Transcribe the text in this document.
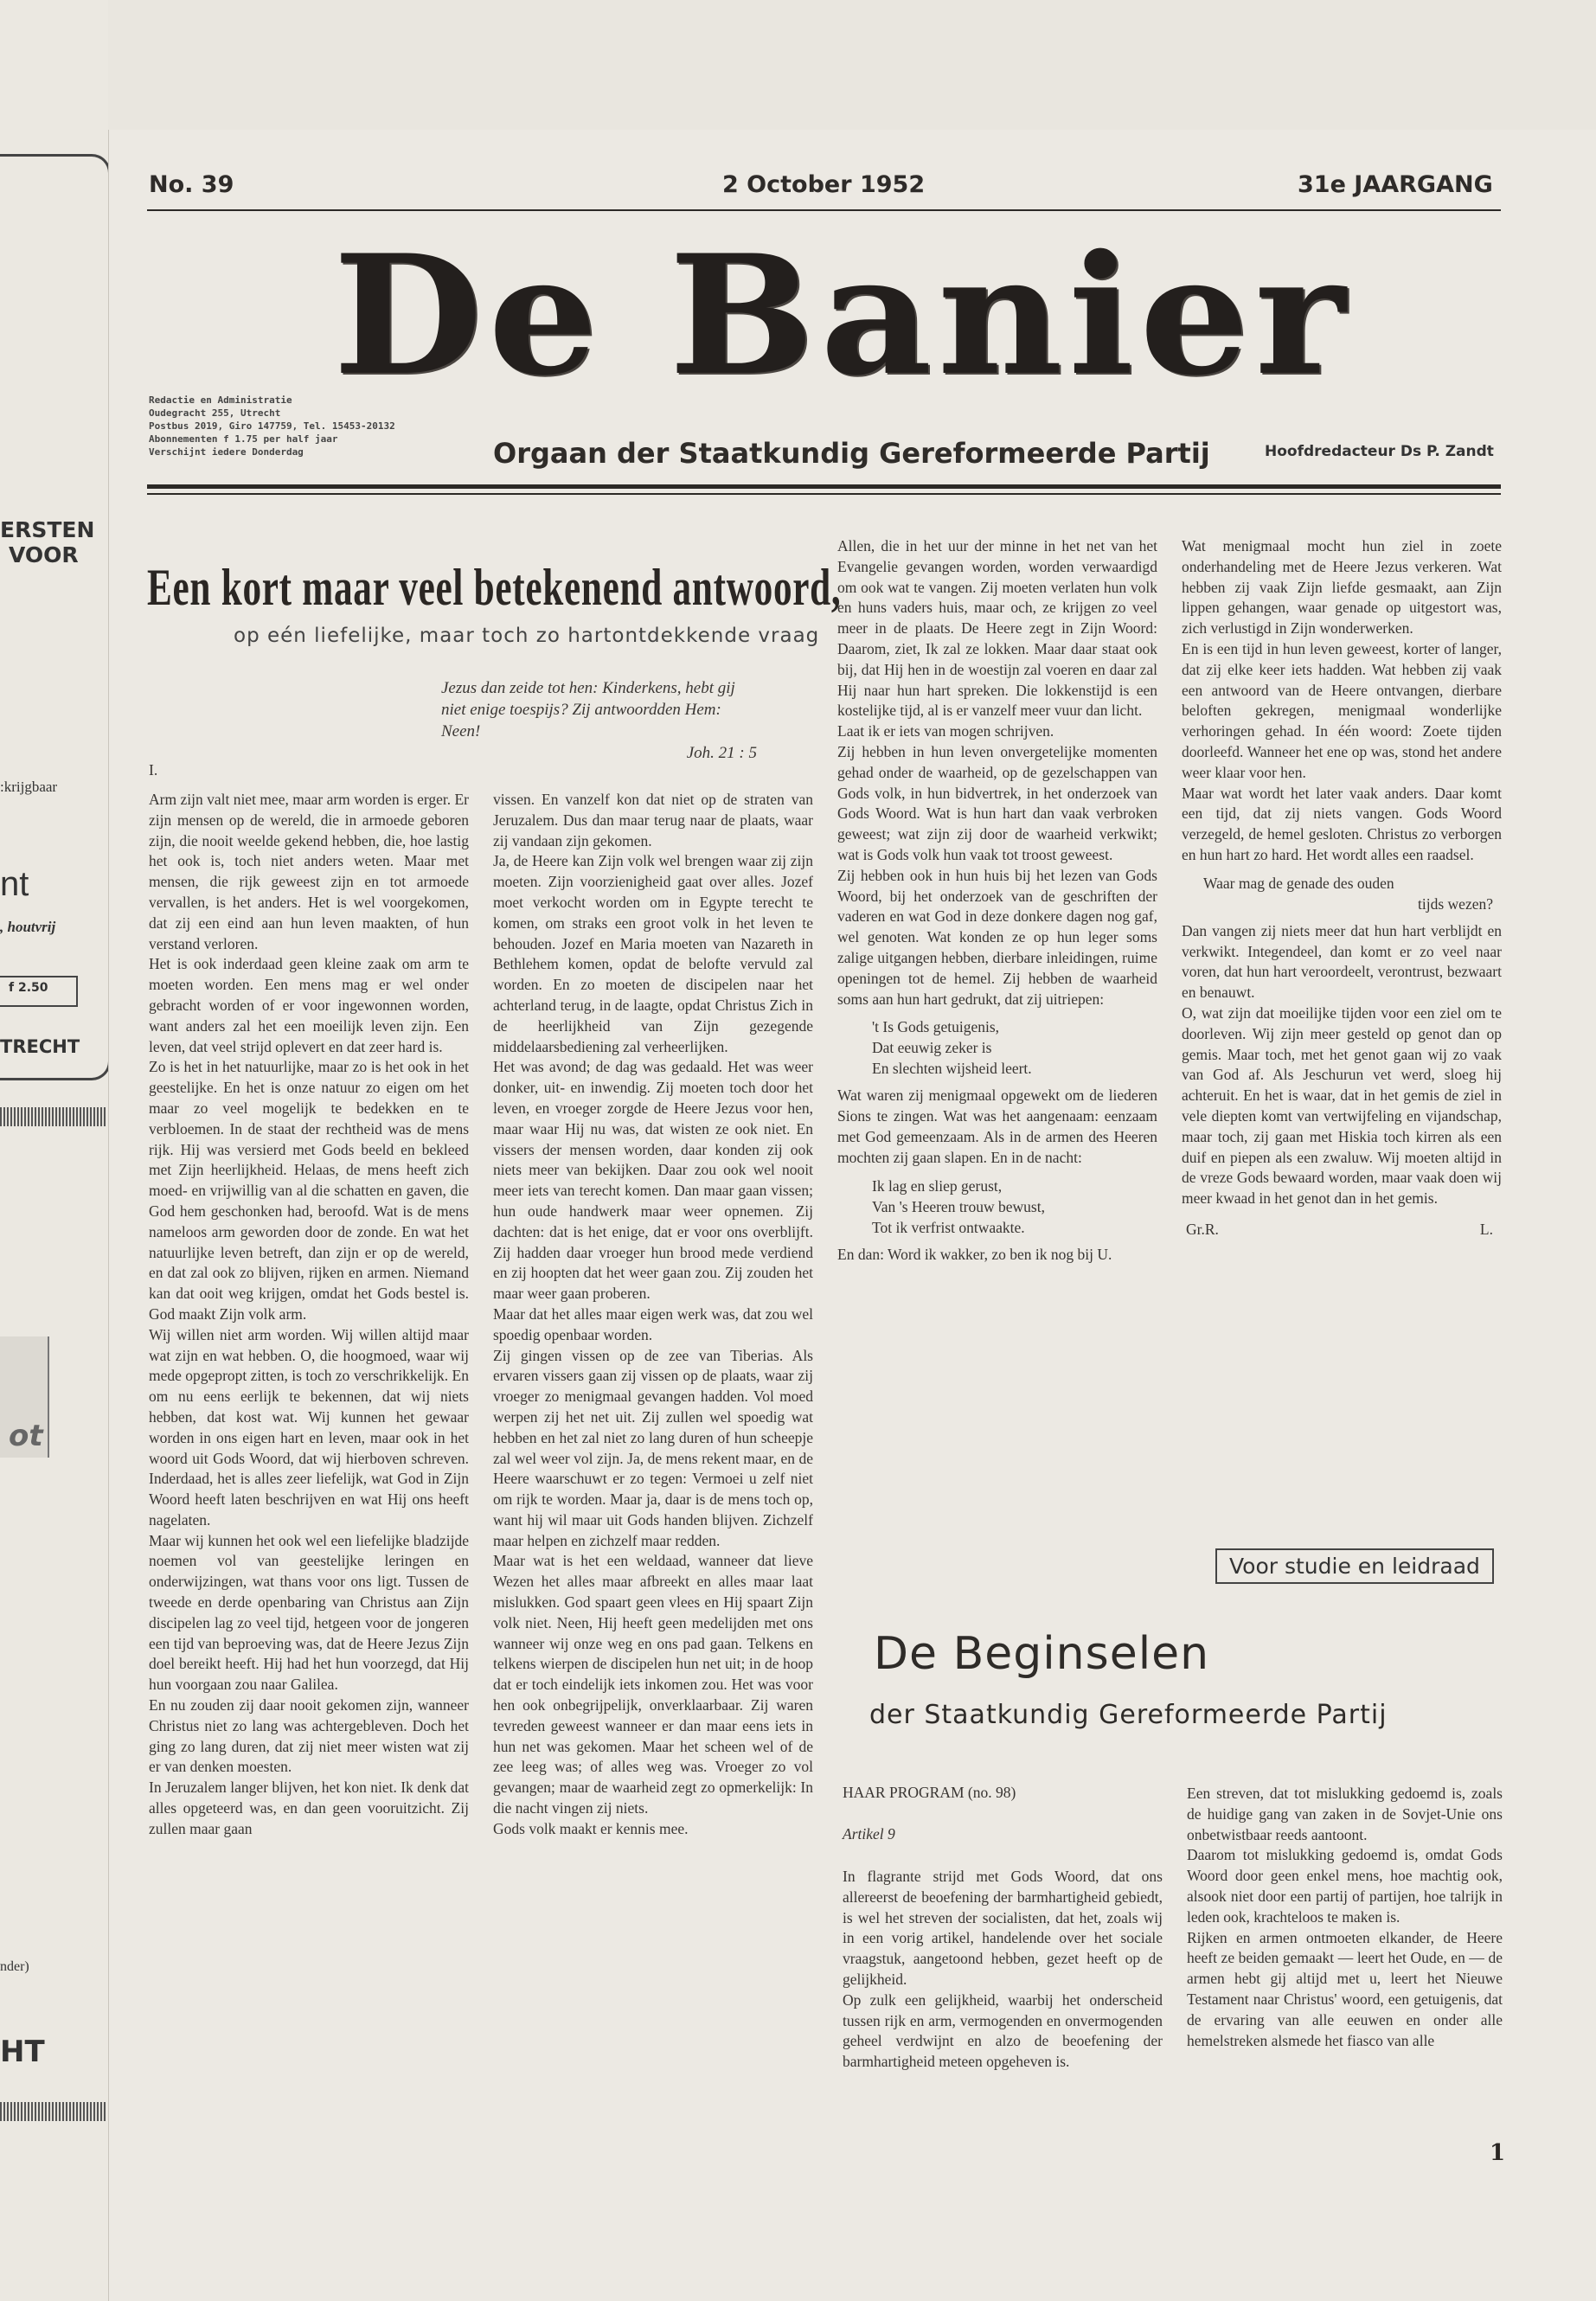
ERSTEN
VOOR
:krijgbaar
nt
, houtvrij
f 2.50
TRECHT
ot
nder)
HT
No. 39	2 October 1952	31e JAARGANG
De Banier
Redactie en Administratie
Oudegracht 255, Utrecht
Postbus 2019, Giro 147759, Tel. 15453-20132
Abonnementen f 1.75 per half jaar
Verschijnt iedere Donderdag	Orgaan der Staatkundig Gereformeerde Partij	Hoofdredacteur Ds P. Zandt
Een kort maar veel betekenend antwoord,
op eén liefelijke, maar toch zo hartontdekkende vraag
Jezus dan zeide tot hen: Kinderkens, hebt gij niet enige toespijs? Zij antwoordden Hem: Neen!
Joh. 21 : 5
I.

Arm zijn valt niet mee, maar arm worden is erger. Er zijn mensen op de wereld, die in armoede geboren zijn, die nooit weelde gekend hebben, die, hoe lastig het ook is, toch niet anders weten. Maar met mensen, die rijk geweest zijn en tot armoede vervallen, is het anders. Het is wel voorgekomen, dat zij een eind aan hun leven maakten, of hun verstand verloren.

Het is ook inderdaad geen kleine zaak om arm te moeten worden. Een mens mag er wel onder gebracht worden of er voor ingewonnen worden, want anders zal het een moeilijk leven zijn. Een leven, dat veel strijd oplevert en dat zeer hard is.

Zo is het in het natuurlijke, maar zo is het ook in het geestelijke. En het is onze natuur zo eigen om het maar zo veel mogelijk te bedekken en te verbloemen. In de staat der rechtheid was de mens rijk. Hij was versierd met Gods beeld en bekleed met Zijn heerlijkheid. Helaas, de mens heeft zich moed- en vrijwillig van al die schatten en gaven, die God hem geschonken had, beroofd. Wat is de mens nameloos arm geworden door de zonde. En wat het natuurlijke leven betreft, dan zijn er op de wereld, en dat zal ook zo blijven, rijken en armen. Niemand kan dat ooit weg krijgen, omdat het Gods bestel is. God maakt Zijn volk arm.

Wij willen niet arm worden. Wij willen altijd maar wat zijn en wat hebben. O, die hoogmoed, waar wij mede opgepropt zitten, is toch zo verschrikkelijk. En om nu eens eerlijk te bekennen, dat wij niets hebben, dat kost wat. Wij kunnen het gewaar worden in ons eigen hart en leven, maar ook in het woord uit Gods Woord, dat wij hierboven schreven. Inderdaad, het is alles zeer liefelijk, wat God in Zijn Woord heeft laten beschrijven en wat Hij ons heeft nagelaten.

Maar wij kunnen het ook wel een liefelijke bladzijde noemen vol van geestelijke leringen en onderwijzingen, wat thans voor ons ligt. Tussen de tweede en derde openbaring van Christus aan Zijn discipelen lag zo veel tijd, hetgeen voor de jongeren een tijd van beproeving was, dat de Heere Jezus Zijn doel bereikt heeft. Hij had het hun voorzegd, dat Hij hun voorgaan zou naar Galilea.

En nu zouden zij daar nooit gekomen zijn, wanneer Christus niet zo lang was achtergebleven. Doch het ging zo lang duren, dat zij niet meer wisten wat zij er van denken moesten.

In Jeruzalem langer blijven, het kon niet. Ik denk dat alles opgeteerd was, en dan geen vooruitzicht. Zij zullen maar gaan

vissen. En vanzelf kon dat niet op de straten van Jeruzalem. Dus dan maar terug naar de plaats, waar zij vandaan zijn gekomen.

Ja, de Heere kan Zijn volk wel brengen waar zij zijn moeten. Zijn voorzienigheid gaat over alles. Jozef moet verkocht worden om in Egypte terecht te komen, om straks een groot volk in het leven te behouden. Jozef en Maria moeten van Nazareth in Bethlehem komen, opdat de belofte vervuld zal worden. En zo moeten de discipelen naar het achterland terug, in de laagte, opdat Christus Zich in de heerlijkheid van Zijn gezegende middelaarsbediening zal verheerlijken.

Het was avond; de dag was gedaald. Het was weer donker, uit- en inwendig. Zij moeten toch door het leven, en vroeger zorgde de Heere Jezus voor hen, maar waar Hij nu was, dat wisten ze ook niet. En vissers der mensen worden, daar konden zij ook niets meer van bekijken. Daar zou ook wel nooit meer iets van terecht komen. Dan maar gaan vissen; hun oude handwerk maar weer opnemen. Zij dachten: dat is het enige, dat er voor ons overblijft. Zij hadden daar vroeger hun brood mede verdiend en zij hoopten dat het weer gaan zou. Zij zouden het maar weer gaan proberen.

Maar dat het alles maar eigen werk was, dat zou wel spoedig openbaar worden.

Zij gingen vissen op de zee van Tiberias. Als ervaren vissers gaan zij vissen op de plaats, waar zij vroeger zo menigmaal gevangen hadden. Vol moed werpen zij het net uit. Zij zullen wel spoedig wat hebben en het zal niet zo lang duren of hun scheepje zal wel weer vol zijn. Ja, de mens rekent maar, en de Heere waarschuwt er zo tegen: Vermoei u zelf niet om rijk te worden. Maar ja, daar is de mens toch op, want hij wil maar uit Gods handen blijven. Zichzelf maar helpen en zichzelf maar redden.

Maar wat is het een weldaad, wanneer dat lieve Wezen het alles maar afbreekt en alles maar laat mislukken. God spaart geen vlees en Hij spaart Zijn volk niet. Neen, Hij heeft geen medelijden met ons wanneer wij onze weg en ons pad gaan. Telkens en telkens wierpen de discipelen hun net uit; in de hoop dat er toch eindelijk iets inkomen zou. Het was voor hen ook onbegrijpelijk, onverklaarbaar. Zij waren tevreden geweest wanneer er dan maar eens iets in hun net was gekomen. Maar het scheen wel of de zee leeg was; of alles weg was. Vroeger zo vol gevangen; maar de waarheid zegt zo opmerkelijk: In die nacht vingen zij niets.

Gods volk maakt er kennis mee.

Allen, die in het uur der minne in het net van het Evangelie gevangen worden, worden verwaardigd om ook wat te vangen. Zij moeten verlaten hun volk en huns vaders huis, maar och, ze krijgen zo veel meer in de plaats. De Heere zegt in Zijn Woord: Daarom, ziet, Ik zal ze lokken. Maar daar staat ook bij, dat Hij hen in de woestijn zal voeren en daar zal Hij naar hun hart spreken. Die lokkenstijd is een kostelijke tijd, al is er vanzelf meer vuur dan licht.

Laat ik er iets van mogen schrijven.

Zij hebben in hun leven onvergetelijke momenten gehad onder de waarheid, op de gezelschappen van Gods volk, in hun bidvertrek, in het onderzoek van Gods Woord. Wat is hun hart dan vaak verbroken geweest; wat zijn zij door de waarheid verkwikt; wat is Gods volk hun vaak tot troost geweest.

Zij hebben ook in hun huis bij het lezen van Gods Woord, bij het onderzoek van de geschriften der vaderen en wat God in deze donkere dagen nog gaf, wel genoten. Wat konden ze op hun leger soms zalige uitgangen hebben, dierbare inleidingen, ruime openingen tot de hemel. Zij hebben de waarheid soms aan hun hart gedrukt, dat zij uitriepen:

't Is Gods getuigenis,
Dat eeuwig zeker is
En slechten wijsheid leert.

Wat waren zij menigmaal opgewekt om de liederen Sions te zingen. Wat was het aangenaam: eenzaam met God gemeenzaam. Als in de armen des Heeren mochten zij gaan slapen. En in de nacht:

Ik lag en sliep gerust,
Van 's Heeren trouw bewust,
Tot ik verfrist ontwaakte.

En dan: Word ik wakker, zo ben ik nog bij U.

Wat menigmaal mocht hun ziel in zoete onderhandeling met de Heere Jezus verkeren. Wat hebben zij vaak Zijn liefde gesmaakt, aan Zijn lippen gehangen, waar genade op uitgestort was, zich verlustigd in Zijn wonderwerken.

En is een tijd in hun leven geweest, korter of langer, dat zij elke keer iets hadden. Wat hebben zij vaak een antwoord van de Heere ontvangen, dierbare beloften gekregen, menigmaal wonderlijke verhoringen gehad. In één woord: Zoete tijden doorleefd. Wanneer het ene op was, stond het andere weer klaar voor hen.

Maar wat wordt het later vaak anders. Daar komt een tijd, dat zij niets vangen. Gods Woord verzegeld, de hemel gesloten. Christus zo verborgen en hun hart zo hard. Het wordt alles een raadsel.

Waar mag de genade des ouden
tijds wezen?

Dan vangen zij niets meer dat hun hart verblijdt en verkwikt. Integendeel, dan komt er zo veel naar voren, dat hun hart veroordeelt, verontrust, bezwaart en benauwt.

O, wat zijn dat moeilijke tijden voor een ziel om te doorleven. Wij zijn meer gesteld op genot dan op gemis. Maar toch, met het genot gaan wij zo vaak van God af. Als Jeschurun vet werd, sloeg hij achteruit. En het is waar, dat in het gemis de ziel in vele diepten komt van vertwijfeling en vijandschap, maar toch, zij gaan met Hiskia toch kirren als een duif en piepen als een zwaluw. Wij moeten altijd in de vreze Gods bewaard worden, maar vaak doen wij meer kwaad in het genot dan in het gemis.

Gr.R.	L.
Voor studie en leidraad
De Beginselen
der Staatkundig Gereformeerde Partij
HAAR PROGRAM (no. 98)
Artikel 9

In flagrante strijd met Gods Woord, dat ons allereerst de beoefening der barmhartigheid gebiedt, is wel het streven der socialisten, dat het, zoals wij in een vorig artikel, handelende over het sociale vraagstuk, aangetoond hebben, gezet heeft op de gelijkheid.

Op zulk een gelijkheid, waarbij het onderscheid tussen rijk en arm, vermogenden en onvermogenden geheel verdwijnt en alzo de beoefening der barmhartigheid meteen opgeheven is.

Een streven, dat tot mislukking gedoemd is, zoals de huidige gang van zaken in de Sovjet-Unie ons onbetwistbaar reeds aantoont.

Daarom tot mislukking gedoemd is, omdat Gods Woord door geen enkel mens, hoe machtig ook, alsook niet door een partij of partijen, hoe talrijk in leden ook, krachteloos te maken is.

Rijken en armen ontmoeten elkander, de Heere heeft ze beiden gemaakt — leert het Oude, en — de armen hebt gij altijd met u, leert het Nieuwe Testament naar Christus' woord, een getuigenis, dat de ervaring van alle eeuwen en onder alle hemelstreken alsmede het fiasco van alle

1
